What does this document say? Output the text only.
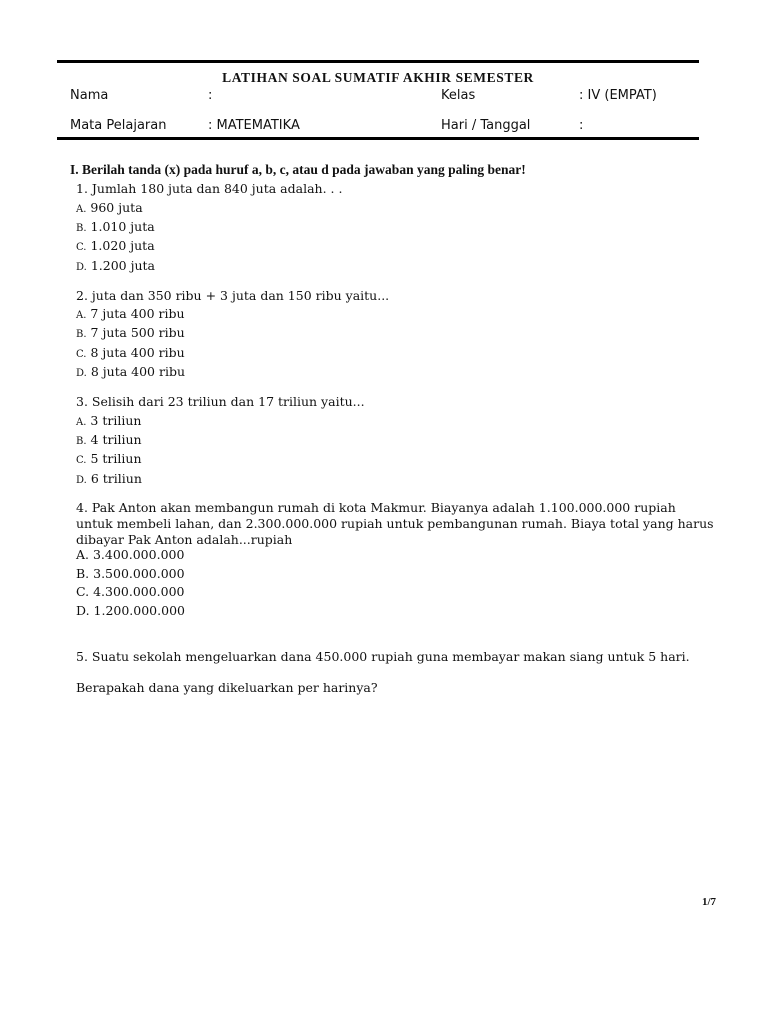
LATIHAN SOAL SUMATIF AKHIR SEMESTER
Nama	:	Kelas	: IV (EMPAT)
Mata Pelajaran	: MATEMATIKA	Hari / Tanggal	:
I. Berilah tanda (x) pada huruf a, b, c, atau d pada jawaban yang paling benar!
1. Jumlah 180 juta dan 840 juta adalah. . .
A. 960 juta
B. 1.010 juta
C. 1.020 juta
D. 1.200 juta
2. juta dan 350 ribu + 3 juta dan 150 ribu yaitu...
A. 7 juta 400 ribu
B. 7 juta 500 ribu
C. 8 juta 400 ribu
D. 8 juta 400 ribu
3. Selisih dari 23 triliun dan 17 triliun yaitu...
A. 3 triliun
B. 4 triliun
C. 5 triliun
D. 6 triliun
4. Pak Anton akan membangun rumah di kota Makmur. Biayanya adalah 1.100.000.000 rupiah
untuk membeli lahan, dan 2.300.000.000 rupiah untuk pembangunan rumah. Biaya total yang harus
dibayar Pak Anton adalah...rupiah
A. 3.400.000.000
B. 3.500.000.000
C. 4.300.000.000
D. 1.200.000.000
5. Suatu sekolah mengeluarkan dana 450.000 rupiah guna membayar makan siang untuk 5 hari.
Berapakah dana yang dikeluarkan per harinya?
1/7
